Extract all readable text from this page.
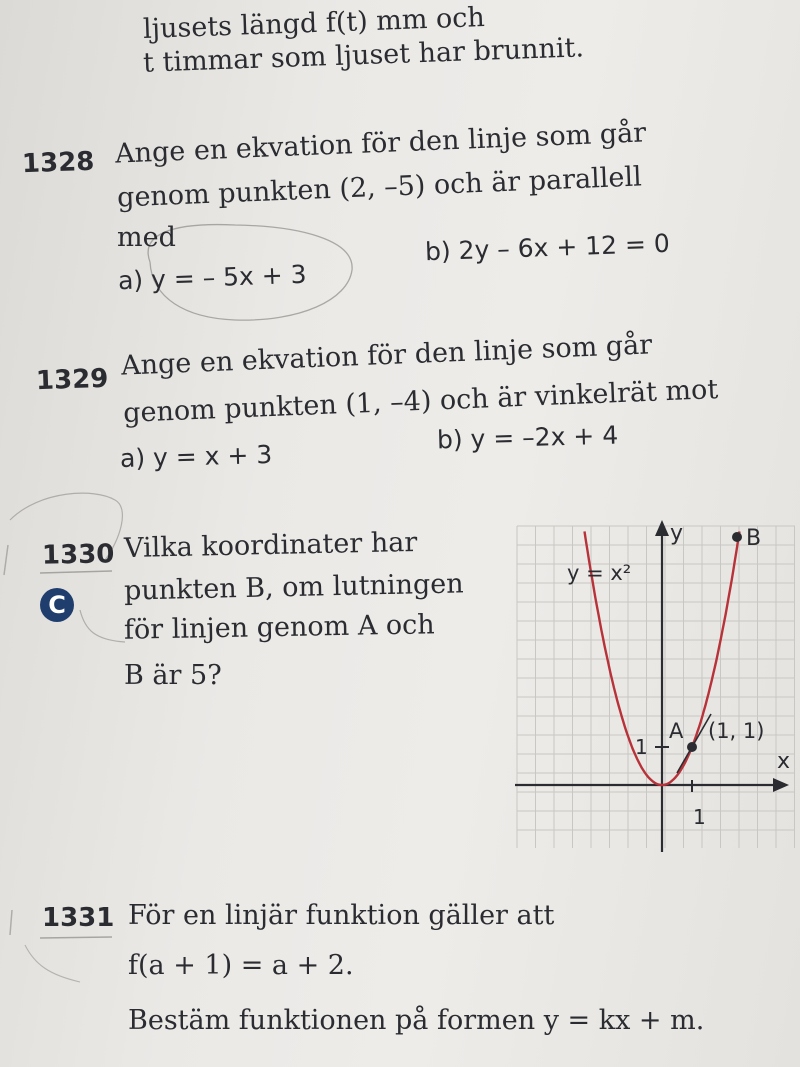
ljusets längd f(t) mm och
t timmar som ljuset har brunnit.
1328 Ange en ekvation för den linje som går
genom punkten (2, –5) och är parallell
med
a) y = – 5x + 3
b) 2y – 6x + 12 = 0
1329 Ange en ekvation för den linje som går
genom punkten (1, –4) och är vinkelrät mot
a) y = x + 3
b) y = –2x + 4
1330
C
Vilka koordinater har
punkten B, om lutningen
för linjen genom A och
B är 5?
y
x
y = x²
A (1, 1)
B
1
1
1331 För en linjär funktion gäller att
f(a + 1) = a + 2.
Bestäm funktionen på formen y = kx + m.
